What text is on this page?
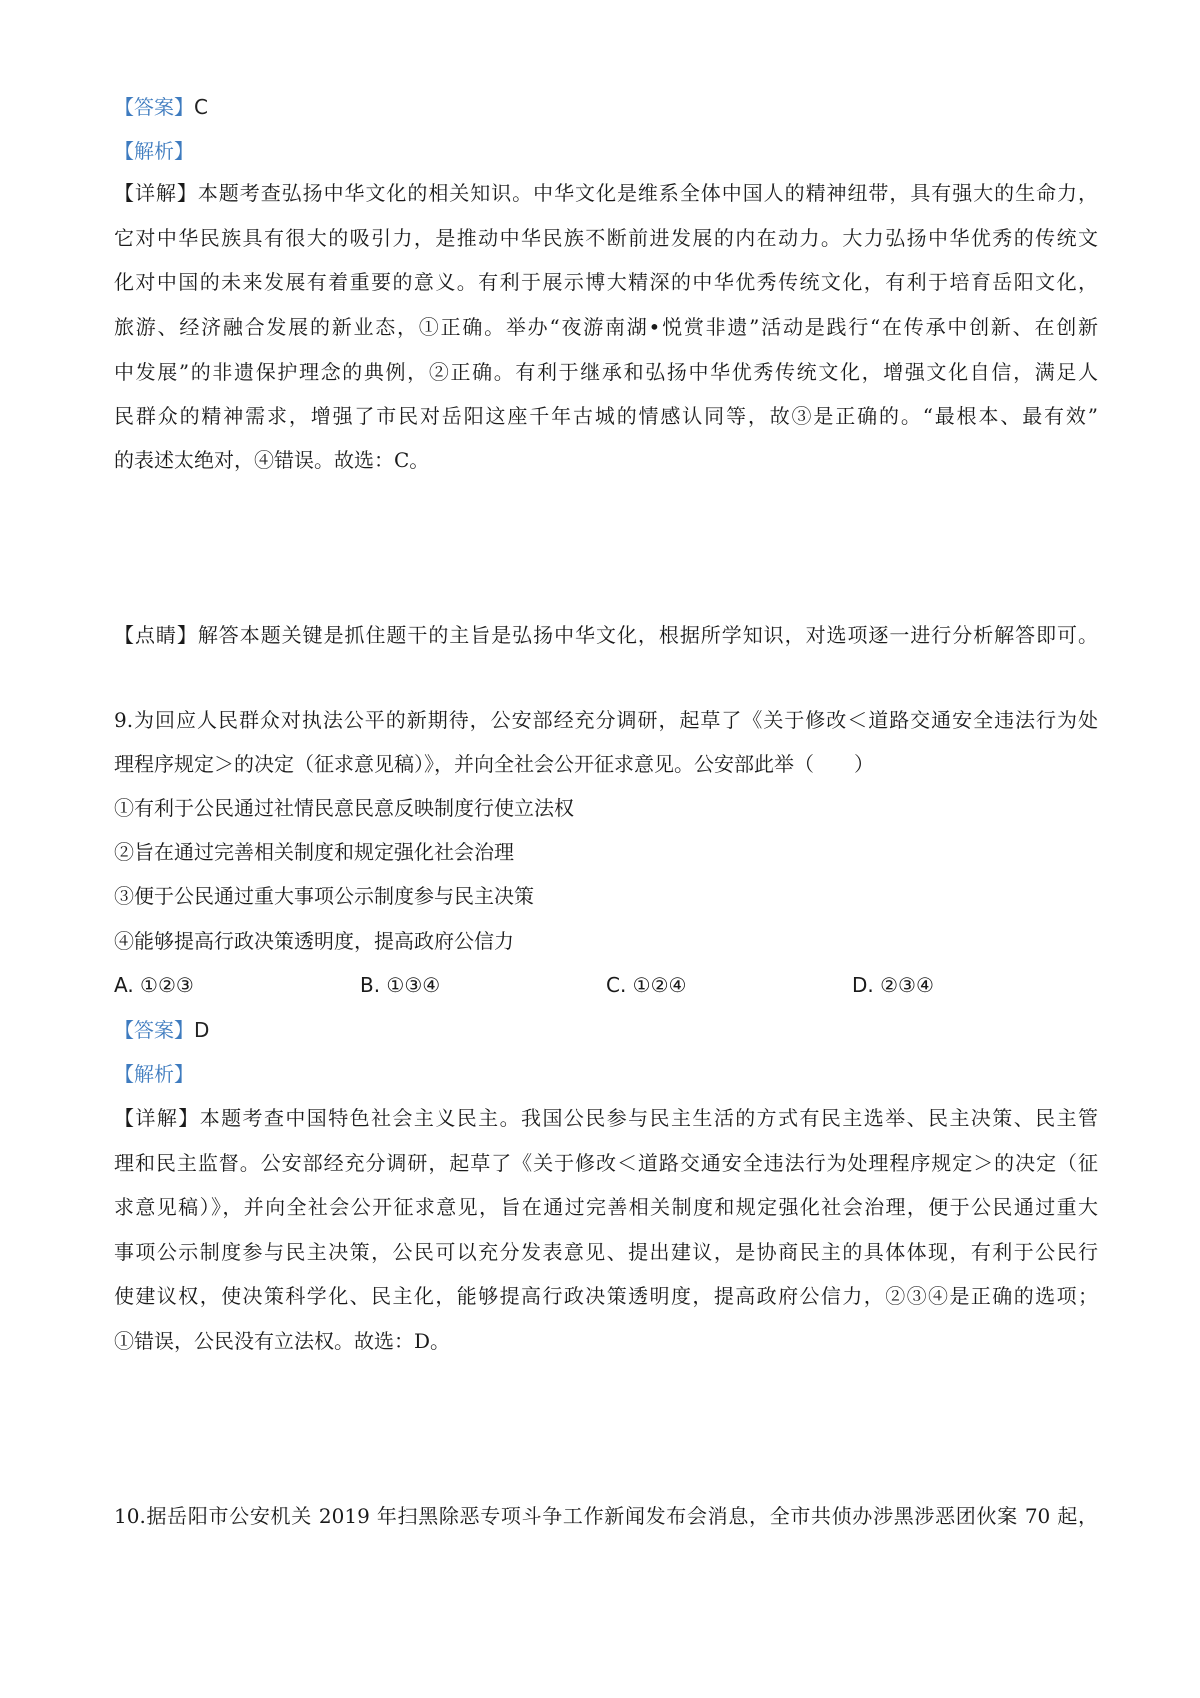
【答案】C
【解析】
【详解】本题考查弘扬中华文化的相关知识。中华文化是维系全体中国人的精神纽带，具有强大的生命力，
它对中华民族具有很大的吸引力，是推动中华民族不断前进发展的内在动力。大力弘扬中华优秀的传统文
化对中国的未来发展有着重要的意义。有利于展示博大精深的中华优秀传统文化，有利于培育岳阳文化，
旅游、经济融合发展的新业态，①正确。举办“夜游南湖•悦赏非遗”活动是践行“在传承中创新、在创新
中发展”的非遗保护理念的典例，②正确。有利于继承和弘扬中华优秀传统文化，增强文化自信，满足人
民群众的精神需求，增强了市民对岳阳这座千年古城的情感认同等，故③是正确的。“最根本、最有效”
的表述太绝对，④错误。故选：C。
【点睛】解答本题关键是抓住题干的主旨是弘扬中华文化，根据所学知识，对选项逐一进行分析解答即可。
9.为回应人民群众对执法公平的新期待，公安部经充分调研，起草了《关于修改＜道路交通安全违法行为处
理程序规定＞的决定（征求意见稿）》，并向全社会公开征求意见。公安部此举（　　）
①有利于公民通过社情民意民意反映制度行使立法权
②旨在通过完善相关制度和规定强化社会治理
③便于公民通过重大事项公示制度参与民主决策
④能够提高行政决策透明度，提高政府公信力
A. ①②③	B. ①③④	C. ①②④	D. ②③④
【答案】D
【解析】
【详解】本题考查中国特色社会主义民主。我国公民参与民主生活的方式有民主选举、民主决策、民主管
理和民主监督。公安部经充分调研，起草了《关于修改＜道路交通安全违法行为处理程序规定＞的决定（征
求意见稿）》，并向全社会公开征求意见，旨在通过完善相关制度和规定强化社会治理，便于公民通过重大
事项公示制度参与民主决策，公民可以充分发表意见、提出建议，是协商民主的具体体现，有利于公民行
使建议权，使决策科学化、民主化，能够提高行政决策透明度，提高政府公信力，②③④是正确的选项；
①错误，公民没有立法权。故选：D。
10.据岳阳市公安机关 2019 年扫黑除恶专项斗争工作新闻发布会消息，全市共侦办涉黑涉恶团伙案 70 起，
